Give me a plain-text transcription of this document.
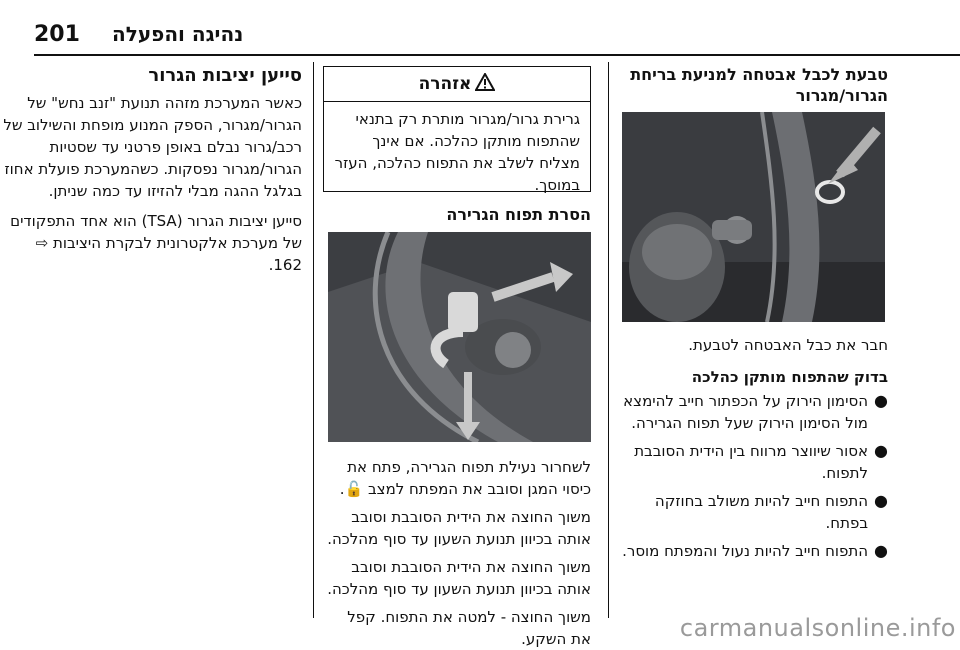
201 נהיגה והפעלה

טבעת לכבל אבטחה למניעת בריחת הגרור/מגרור

חבר את כבל האבטחה לטבעת.

בדוק שהתפוח מותקן כהלכה

●
הסימון הירוק על הכפתור חייב להימצא מול הסימון הירוק שעל תפוח הגרירה.
●
אסור שיווצר מרווח בין הידית הסובבת לתפוח.
●
התפוח חייב להיות משולב בחוזקה בפתח.
●
התפוח חייב להיות נעול והמפתח מוסר.
אזהרה

גרירת גרור/מגרור מותרת רק בתנאי שהתפוח מותקן כהלכה. אם אינך מצליח לשלב את התפוח כהלכה, העזר במוסך.

הסרת תפוח הגרירה

לשחרור נעילת תפוח הגרירה, פתח את כיסוי המגן וסובב את המפתח למצב 🔓.

משוך החוצה את הידית הסובבת וסובב אותה בכיוון תנועת השעון עד סוף מהלכה.

משוך החוצה את הידית הסובבת וסובב אותה בכיוון תנועת השעון עד סוף מהלכה.

משוך החוצה - למטה את התפוח. קפל את השקע.

סייען יציבות הגרור

כאשר המערכת מזהה תנועת "זנב נחש" של הגרור/מגרור, הספק המנוע מופחת והשילוב של רכב/גרור נבלם באופן פרטני עד שסטיות הגרור/מגרור נפסקות. כשהמערכת פועלת אחוז בגלגל ההגה מבלי להזיזו עד כמה שניתן.

סייען יציבות הגרור (TSA) הוא אחד התפקודים של מערכת אלקטרונית לבקרת היציבות ⇨ 162.

carmanualsonline.info
